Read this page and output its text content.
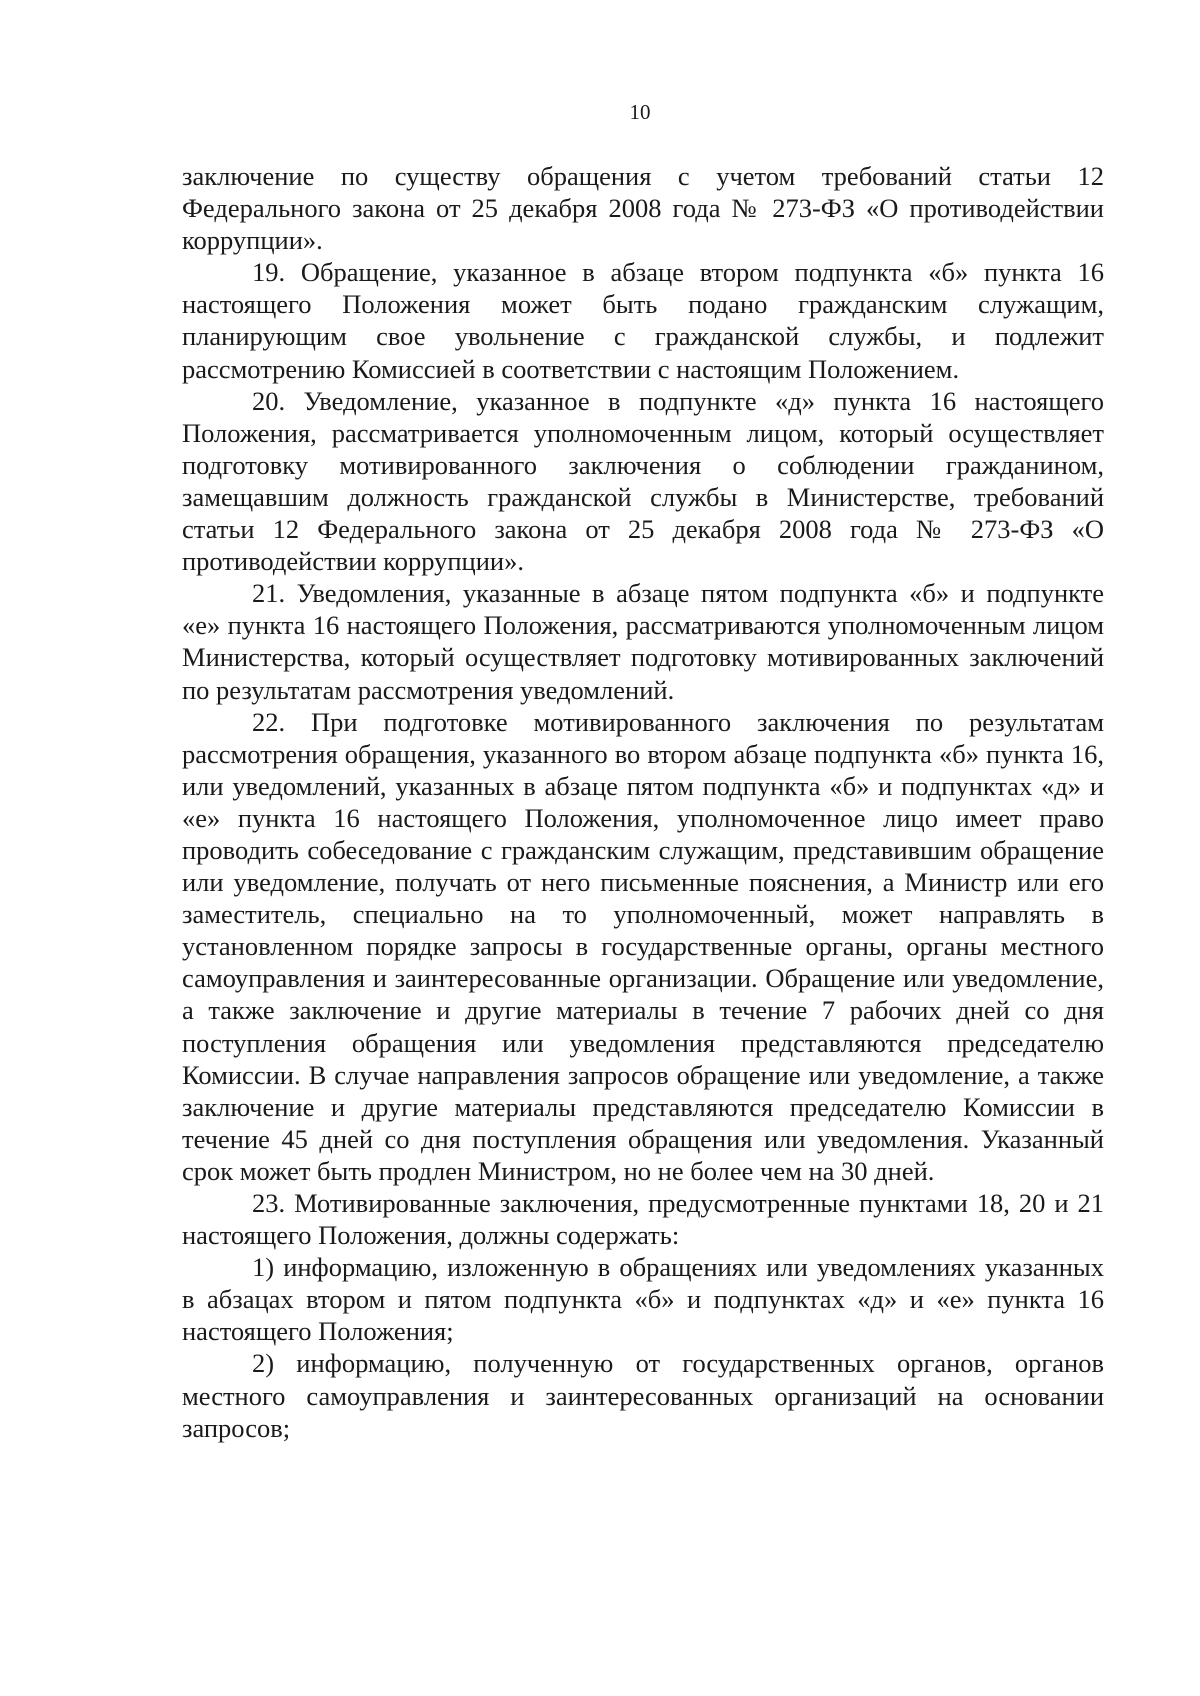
10

заключение по существу обращения с учетом требований статьи 12 Федерального закона от 25 декабря 2008 года № 273-ФЗ «О противодействии коррупции».

19. Обращение, указанное в абзаце втором подпункта «б» пункта 16 настоящего Положения может быть подано гражданским служащим, планирующим свое увольнение с гражданской службы, и подлежит рассмотрению Комиссией в соответствии с настоящим Положением.

20. Уведомление, указанное в подпункте «д» пункта 16 настоящего Положения, рассматривается уполномоченным лицом, который осуществляет подготовку мотивированного заключения о соблюдении гражданином, замещавшим должность гражданской службы в Министерстве, требований статьи 12 Федерального закона от 25 декабря 2008 года № 273-ФЗ «О противодействии коррупции».

21. Уведомления, указанные в абзаце пятом подпункта «б» и подпункте «е» пункта 16 настоящего Положения, рассматриваются уполномоченным лицом Министерства, который осуществляет подготовку мотивированных заключений по результатам рассмотрения уведомлений.

22. При подготовке мотивированного заключения по результатам рассмотрения обращения, указанного во втором абзаце подпункта «б» пункта 16, или уведомлений, указанных в абзаце пятом подпункта «б» и подпунктах «д» и «е» пункта 16 настоящего Положения, уполномоченное лицо имеет право проводить собеседование с гражданским служащим, представившим обращение или уведомление, получать от него письменные пояснения, а Министр или его заместитель, специально на то уполномоченный, может направлять в установленном порядке запросы в государственные органы, органы местного самоуправления и заинтересованные организации. Обращение или уведомление, а также заключение и другие материалы в течение 7 рабочих дней со дня поступления обращения или уведомления представляются председателю Комиссии. В случае направления запросов обращение или уведомление, а также заключение и другие материалы представляются председателю Комиссии в течение 45 дней со дня поступления обращения или уведомления. Указанный срок может быть продлен Министром, но не более чем на 30 дней.

23. Мотивированные заключения, предусмотренные пунктами 18, 20 и 21 настоящего Положения, должны содержать:

1) информацию, изложенную в обращениях или уведомлениях указанных в абзацах втором и пятом подпункта «б» и подпунктах «д» и «е» пункта 16 настоящего Положения;

2) информацию, полученную от государственных органов, органов местного самоуправления и заинтересованных организаций на основании запросов;
